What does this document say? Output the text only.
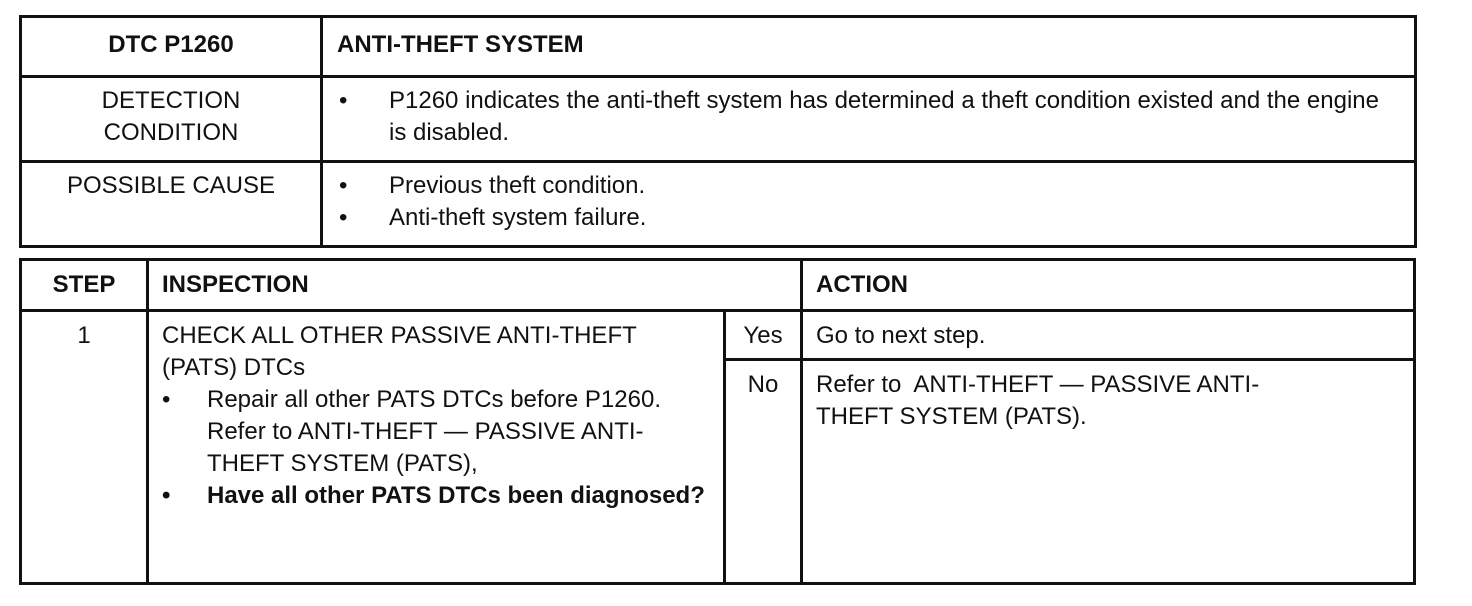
DTC P1260	ANTI-THEFT SYSTEM

DETECTION
CONDITION	• P1260 indicates the anti-theft system has determined a theft condition existed and the engine is disabled.

POSSIBLE CAUSE	• Previous theft condition.
• Anti-theft system failure.
STEP	INSPECTION		ACTION
1	CHECK ALL OTHER PASSIVE ANTI-THEFT (PATS) DTCs
• Repair all other PATS DTCs before P1260. Refer to ANTI-THEFT — PASSIVE ANTI-THEFT SYSTEM (PATS),
• Have all other PATS DTCs been diagnosed?	Yes	Go to next step.
		No	Refer to  ANTI-THEFT — PASSIVE ANTI-THEFT SYSTEM (PATS).
